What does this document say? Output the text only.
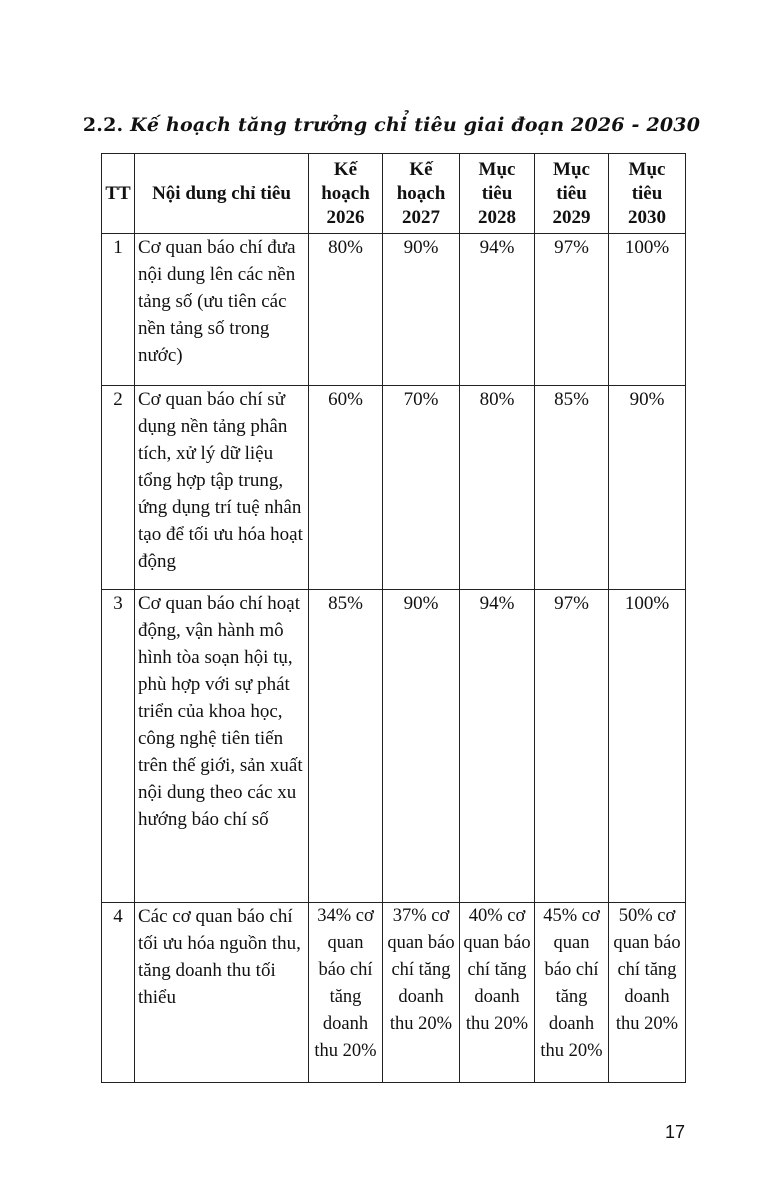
2.2. Kế hoạch tăng trưởng chỉ tiêu giai đoạn 2026 - 2030
TT	Nội dung chỉ tiêu	Kế hoạch 2026	Kế hoạch 2027	Mục tiêu 2028	Mục tiêu 2029	Mục tiêu 2030
1	Cơ quan báo chí đưa nội dung lên các nền tảng số (ưu tiên các nền tảng số trong nước)	80%	90%	94%	97%	100%
2	Cơ quan báo chí sử dụng nền tảng phân tích, xử lý dữ liệu tổng hợp tập trung, ứng dụng trí tuệ nhân tạo để tối ưu hóa hoạt động	60%	70%	80%	85%	90%
3	Cơ quan báo chí hoạt động, vận hành mô hình tòa soạn hội tụ, phù hợp với sự phát triển của khoa học, công nghệ tiên tiến trên thế giới, sản xuất nội dung theo các xu hướng báo chí số	85%	90%	94%	97%	100%
4	Các cơ quan báo chí tối ưu hóa nguồn thu, tăng doanh thu tối thiểu	34% cơ quan báo chí tăng doanh thu 20%	37% cơ quan báo chí tăng doanh thu 20%	40% cơ quan báo chí tăng doanh thu 20%	45% cơ quan báo chí tăng doanh thu 20%	50% cơ quan báo chí tăng doanh thu 20%
17
